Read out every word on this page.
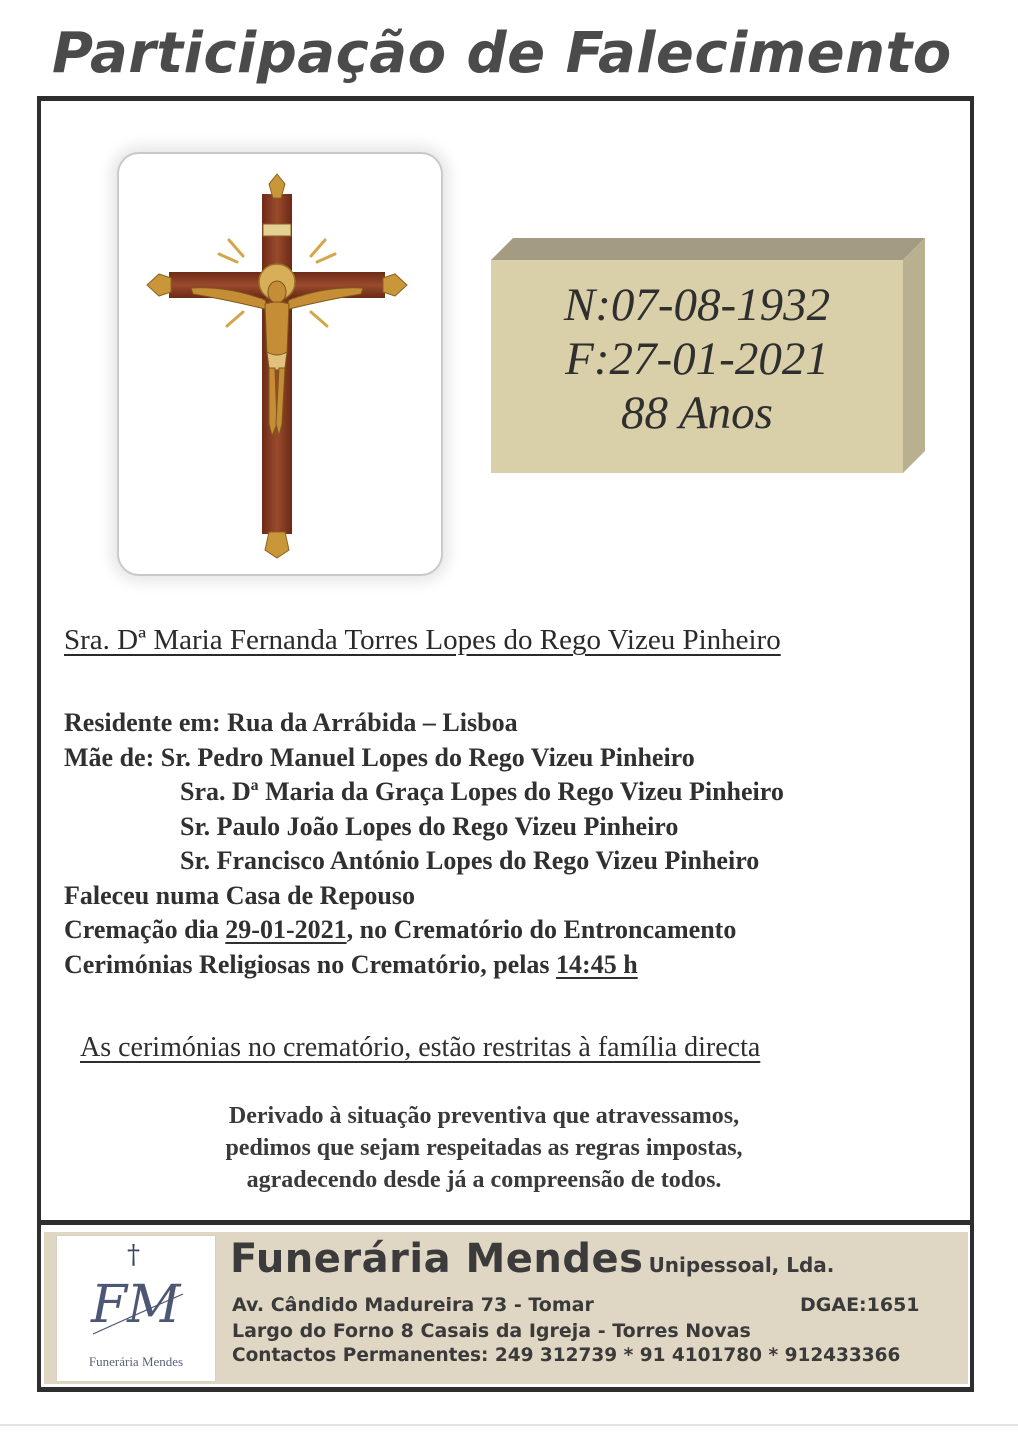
Participação de Falecimento
N:07-08-1932
F:27-01-2021
88 Anos
Sra. Dª Maria Fernanda Torres Lopes do Rego Vizeu Pinheiro
Residente em: Rua da Arrábida – Lisboa
Mãe de: Sr. Pedro Manuel Lopes do Rego Vizeu Pinheiro
Sra. Dª Maria da Graça Lopes do Rego Vizeu Pinheiro
Sr. Paulo João Lopes do Rego Vizeu Pinheiro
Sr. Francisco António Lopes do Rego Vizeu Pinheiro
Faleceu numa Casa de Repouso
Cremação dia 29-01-2021, no Crematório do Entroncamento
Cerimónias Religiosas no Crematório, pelas 14:45 h
As cerimónias no crematório, estão restritas à família directa
Derivado à situação preventiva que atravessamos,
pedimos que sejam respeitadas as regras impostas,
agradecendo desde já a compreensão de todos.
†
FM
Funerária Mendes
Funerária Mendes Unipessoal, Lda.
Av. Cândido Madureira 73 - Tomar	DGAE:1651
Largo do Forno 8 Casais da Igreja - Torres Novas
Contactos Permanentes: 249 312739 * 91 4101780 * 912433366
